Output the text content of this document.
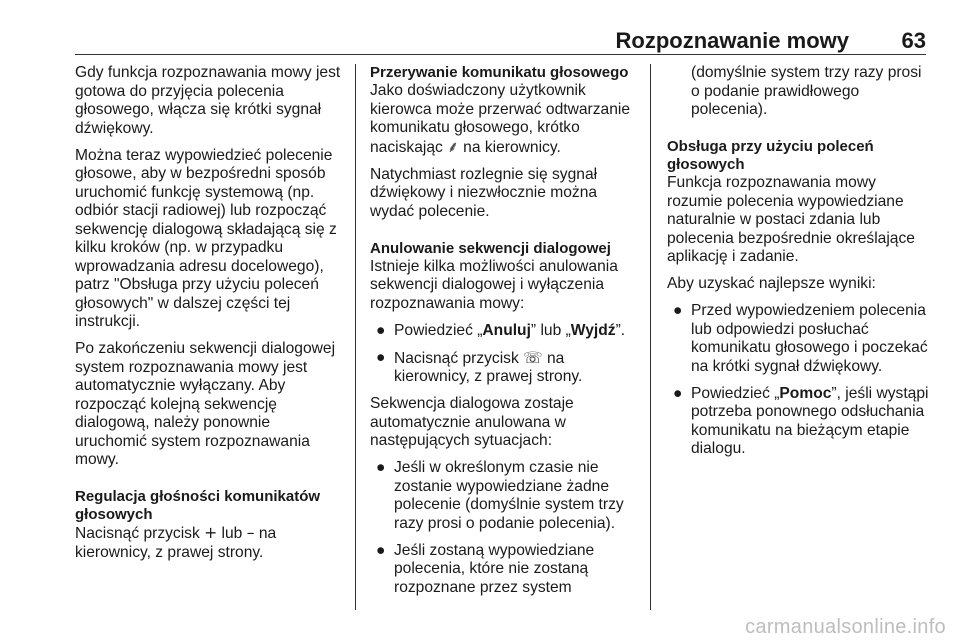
Rozpoznawanie mowy 63

Gdy funkcja rozpoznawania mowy jest gotowa do przyjęcia polecenia głosowego, włącza się krótki sygnał dźwiękowy.

Można teraz wypowiedzieć polecenie głosowe, aby w bezpośredni sposób uruchomić funkcję systemową (np. odbiór stacji radiowej) lub rozpocząć sekwencję dialogową składającą się z kilku kroków (np. w przypadku wprowadzania adresu docelowego), patrz "Obsługa przy użyciu poleceń głosowych" w dalszej części tej instrukcji.

Po zakończeniu sekwencji dialogowej system rozpoznawania mowy jest automatycznie wyłączany. Aby rozpocząć kolejną sekwencję dialogową, należy ponownie uruchomić system rozpoznawania mowy.

Regulacja głośności komunikatów głosowych

Nacisnąć przycisk + lub – na kierownicy, z prawej strony.

Przerywanie komunikatu głosowego

Jako doświadczony użytkownik kierowca może przerwać odtwarzanie komunikatu głosowego, krótko naciskając ⸙ na kierownicy.

Natychmiast rozlegnie się sygnał dźwiękowy i niezwłocznie można wydać polecenie.

Anulowanie sekwencji dialogowej

Istnieje kilka możliwości anulowania sekwencji dialogowej i wyłączenia rozpoznawania mowy:

● Powiedzieć „Anuluj” lub „Wyjdź”.
● Nacisnąć przycisk ☏ na kierownicy, z prawej strony.

Sekwencja dialogowa zostaje automatycznie anulowana w następujących sytuacjach:

● Jeśli w określonym czasie nie zostanie wypowiedziane żadne polecenie (domyślnie system trzy razy prosi o podanie polecenia).
● Jeśli zostaną wypowiedziane polecenia, które nie zostaną rozpoznane przez system
(domyślnie system trzy razy prosi o podanie prawidłowego polecenia).
Obsługa przy użyciu poleceń głosowych

Funkcja rozpoznawania mowy rozumie polecenia wypowiedziane naturalnie w postaci zdania lub polecenia bezpośrednie określające aplikację i zadanie.

Aby uzyskać najlepsze wyniki:

● Przed wypowiedzeniem polecenia lub odpowiedzi posłuchać komunikatu głosowego i poczekać na krótki sygnał dźwiękowy.
● Powiedzieć „Pomoc”, jeśli wystąpi potrzeba ponownego odsłuchania komunikatu na bieżącym etapie dialogu.
carmanualsonline.info
